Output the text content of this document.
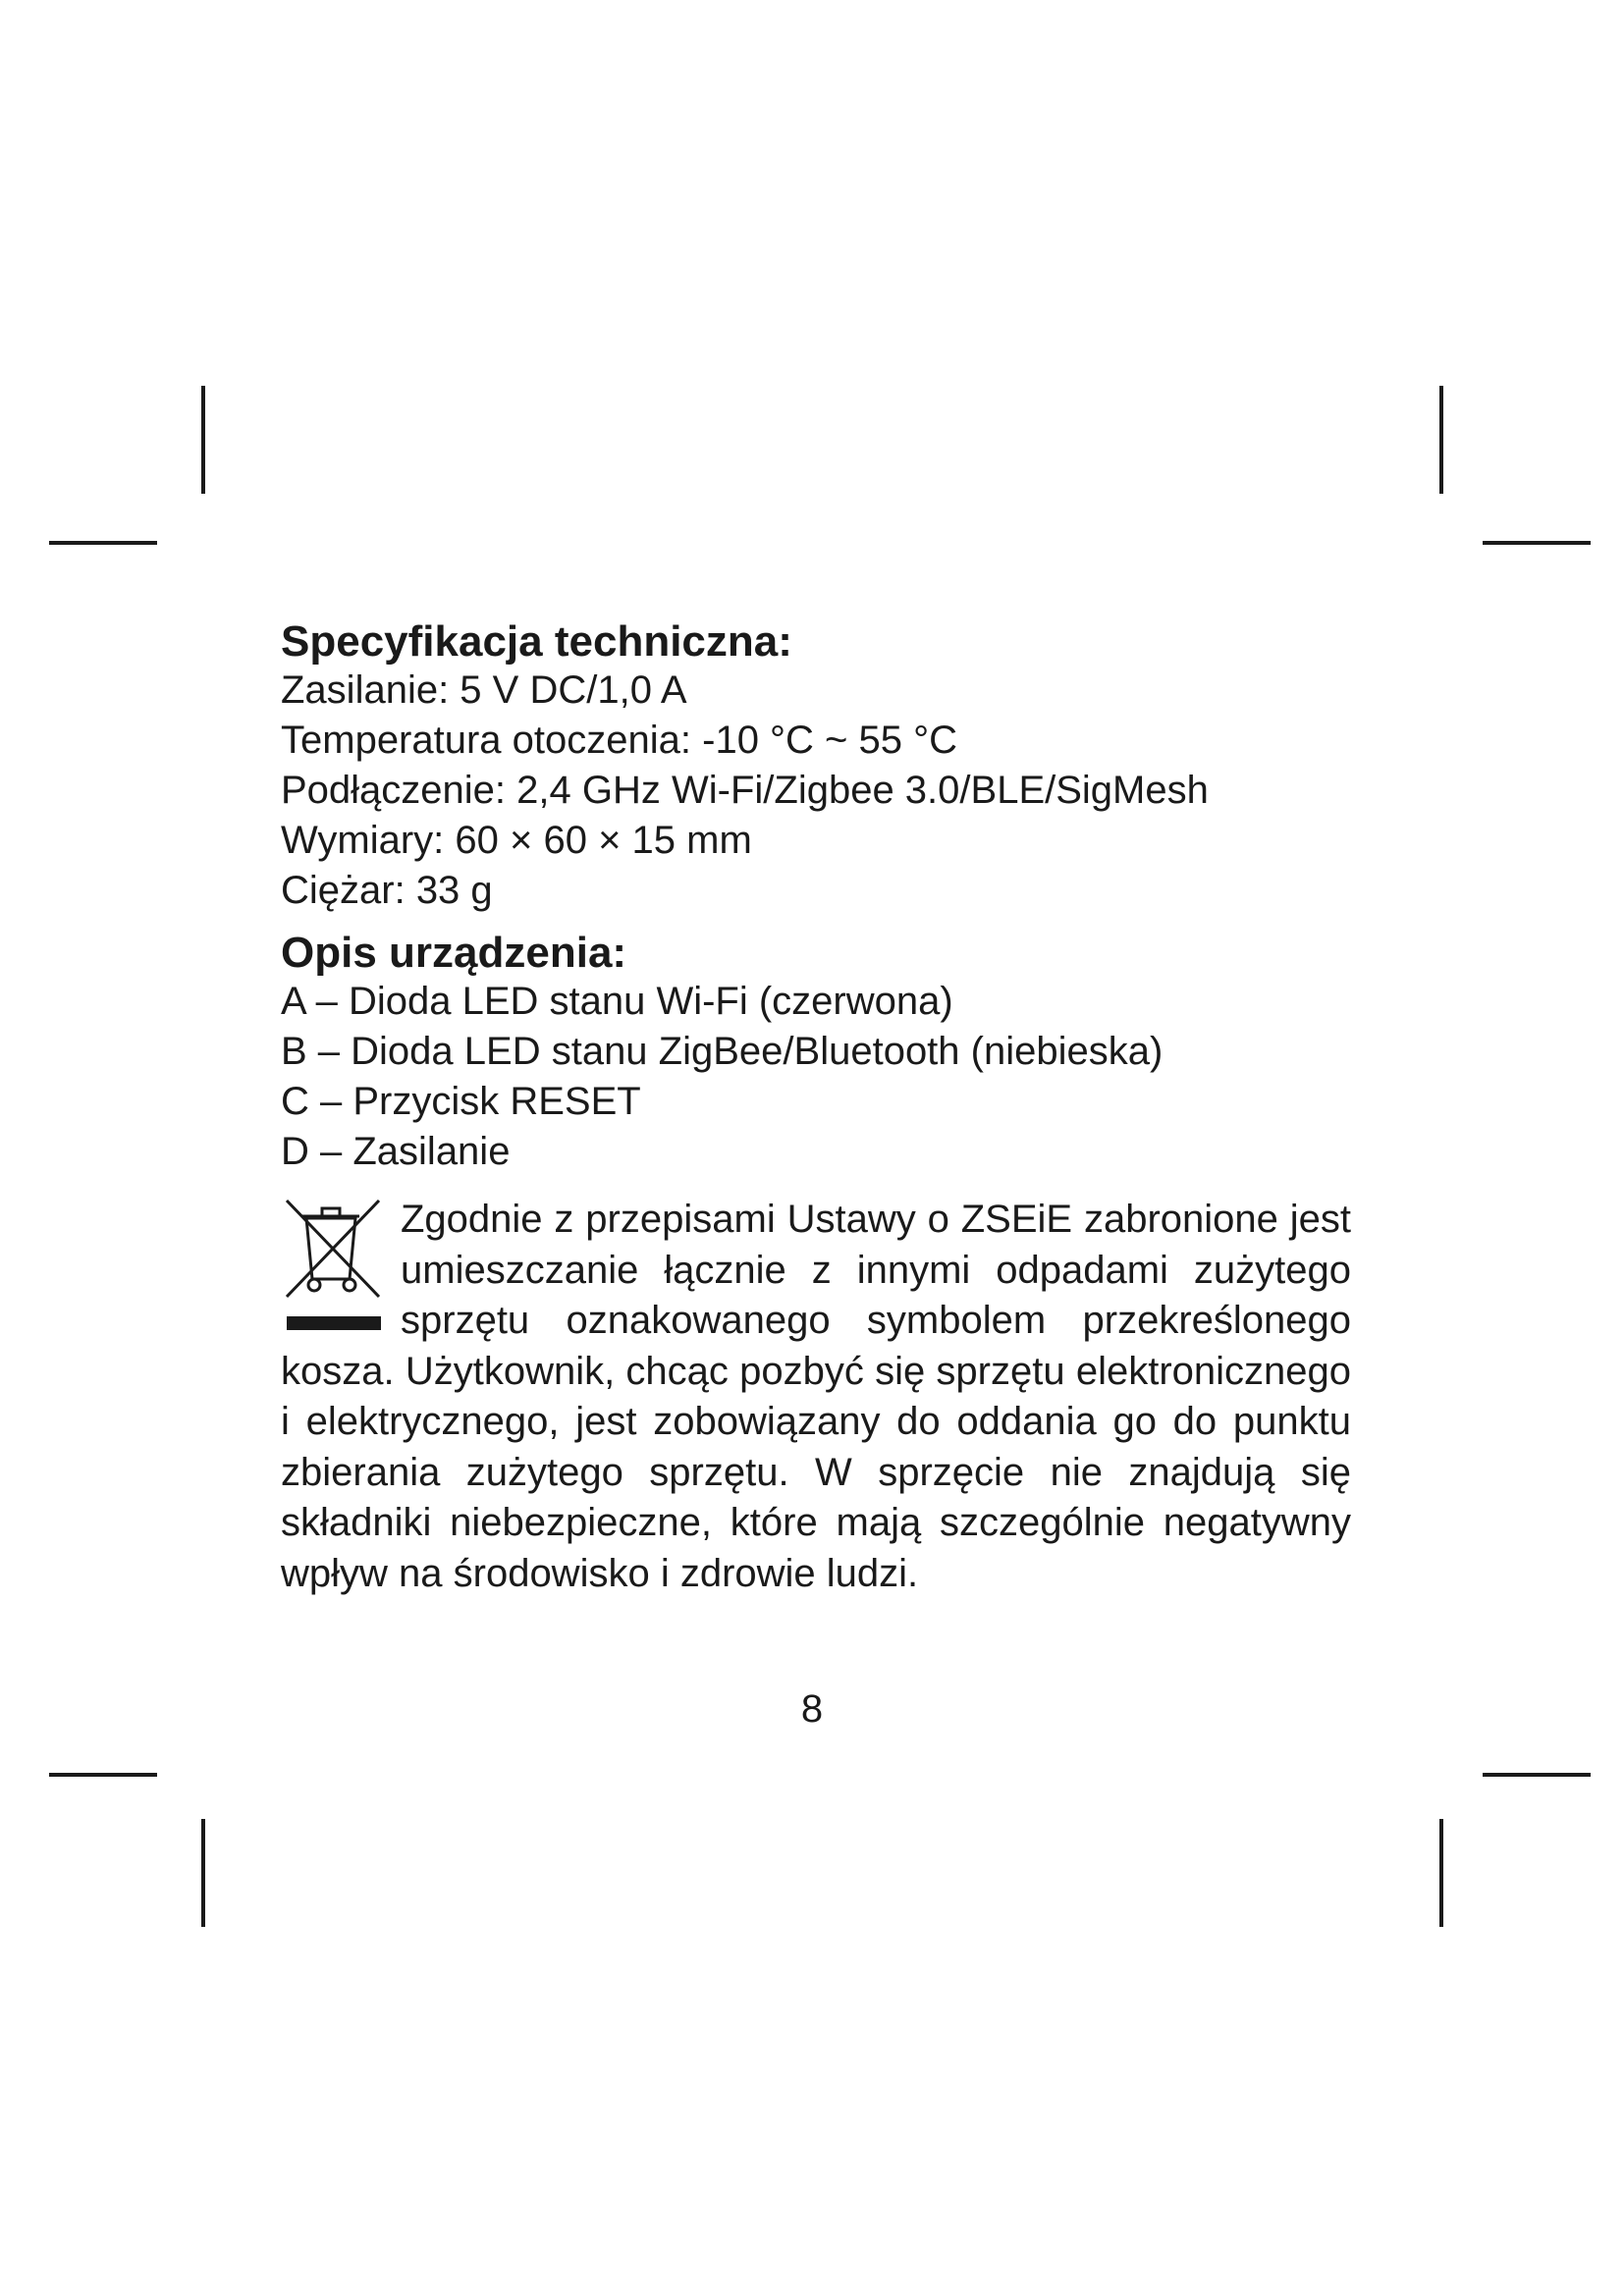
Specyfikacja techniczna:

Zasilanie: 5 V DC/1,0 A

Temperatura otoczenia: -10 °C ~ 55 °C

Podłączenie: 2,4 GHz Wi-Fi/Zigbee 3.0/BLE/SigMesh

Wymiary: 60 × 60 × 15 mm

Ciężar: 33 g

Opis urządzenia:

A – Dioda LED stanu Wi-Fi (czerwona)

B – Dioda LED stanu ZigBee/Bluetooth (niebieska)

C – Przycisk RESET

D – Zasilanie

Zgodnie z przepisami Ustawy o ZSEiE zabronione jest umieszczanie łącznie z innymi odpadami zużytego sprzętu oznakowanego symbolem przekreślonego kosza. Użytkownik, chcąc pozbyć się sprzętu elektronicznego i elektrycznego, jest zobowiązany do oddania go do punktu zbierania zużytego sprzętu. W sprzęcie nie znajdują się składniki niebezpieczne, które mają szczególnie negatywny wpływ na środowisko i zdrowie ludzi.

8
